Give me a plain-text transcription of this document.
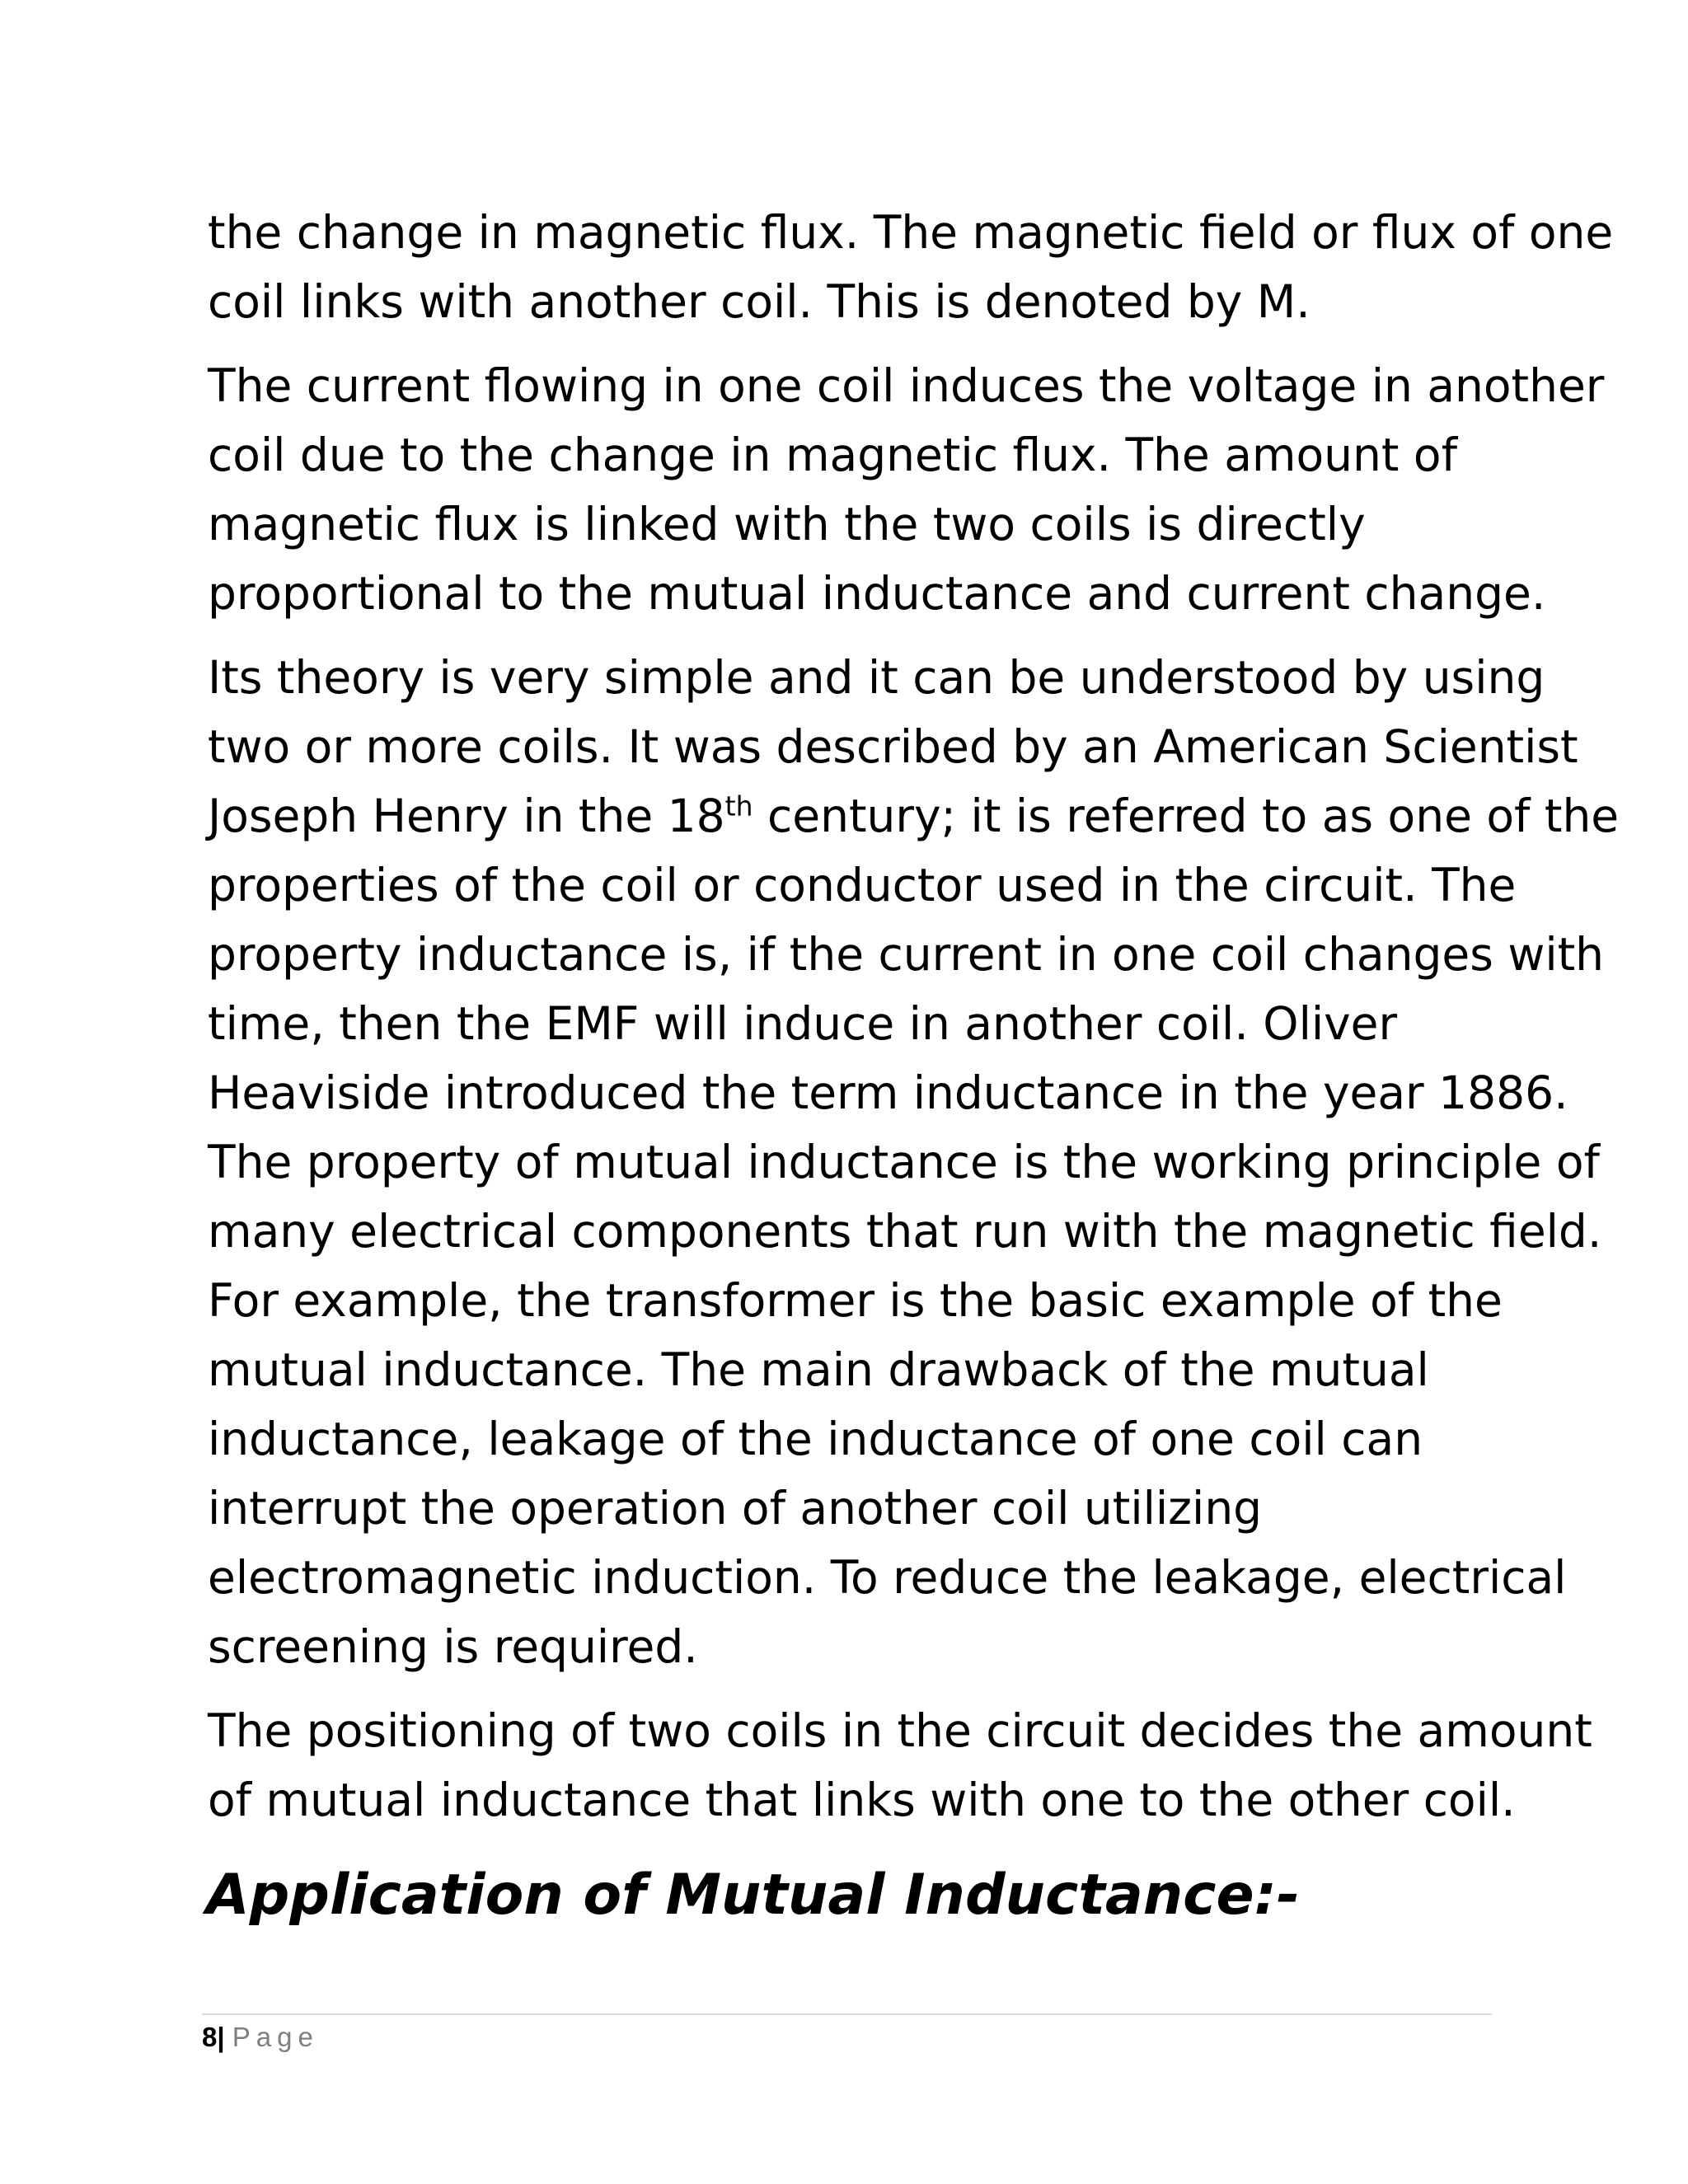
the change in magnetic flux. The magnetic field or flux of one
coil links with another coil. This is denoted by M.

The current flowing in one coil induces the voltage in another
coil due to the change in magnetic flux. The amount of
magnetic flux is linked with the two coils is directly
proportional to the mutual inductance and current change.

Its theory is very simple and it can be understood by using
two or more coils. It was described by an American Scientist
Joseph Henry in the 18th century; it is referred to as one of the
properties of the coil or conductor used in the circuit. The
property inductance is, if the current in one coil changes with
time, then the EMF will induce in another coil. Oliver
Heaviside introduced the term inductance in the year 1886.
The property of mutual inductance is the working principle of
many electrical components that run with the magnetic field.
For example, the transformer is the basic example of the
mutual inductance. The main drawback of the mutual
inductance, leakage of the inductance of one coil can
interrupt the operation of another coil utilizing
electromagnetic induction. To reduce the leakage, electrical
screening is required.

The positioning of two coils in the circuit decides the amount
of mutual inductance that links with one to the other coil.

Application of Mutual Inductance:-
8| Page
